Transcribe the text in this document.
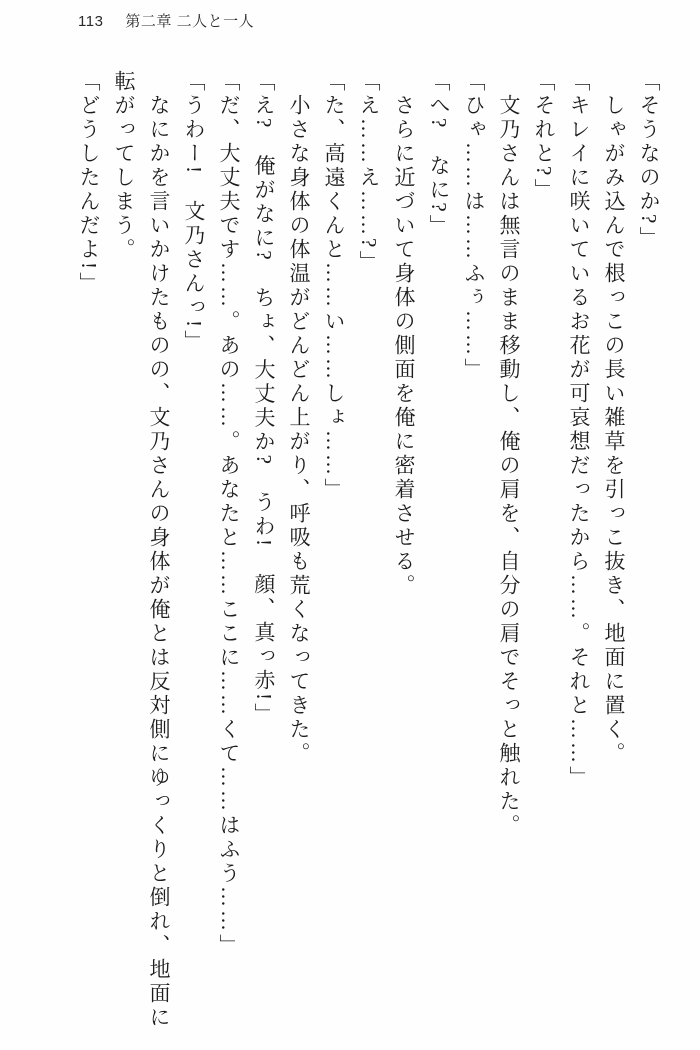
113 第二章 二人と一人

「そうなのか?」

しゃがみ込んで根っこの長い雑草を引っこ抜き、地面に置く。

「キレイに咲いているお花が可哀想だったから……。それと……」

「それと?」

文乃さんは無言のまま移動し、俺の肩を、自分の肩でそっと触れた。

「ひゃ……は……ふぅ……」

「へ?　なに?」

さらに近づいて身体の側面を俺に密着させる。

「え……え……?」

「た、高遠くんと……い……しょ……」

小さな身体の体温がどんどん上がり、呼吸も荒くなってきた。

「え?　俺がなに?　ちょ、大丈夫か?　うわ!　顔、真っ赤!」

「だ、大丈夫です……。あの……。あなたと……ここに……くて……はふう……」

「うわー!　文乃さんっ!」

なにかを言いかけたものの、文乃さんの身体が俺とは反対側にゆっくりと倒れ、地面に転がってしまう。

「どうしたんだよ!」
